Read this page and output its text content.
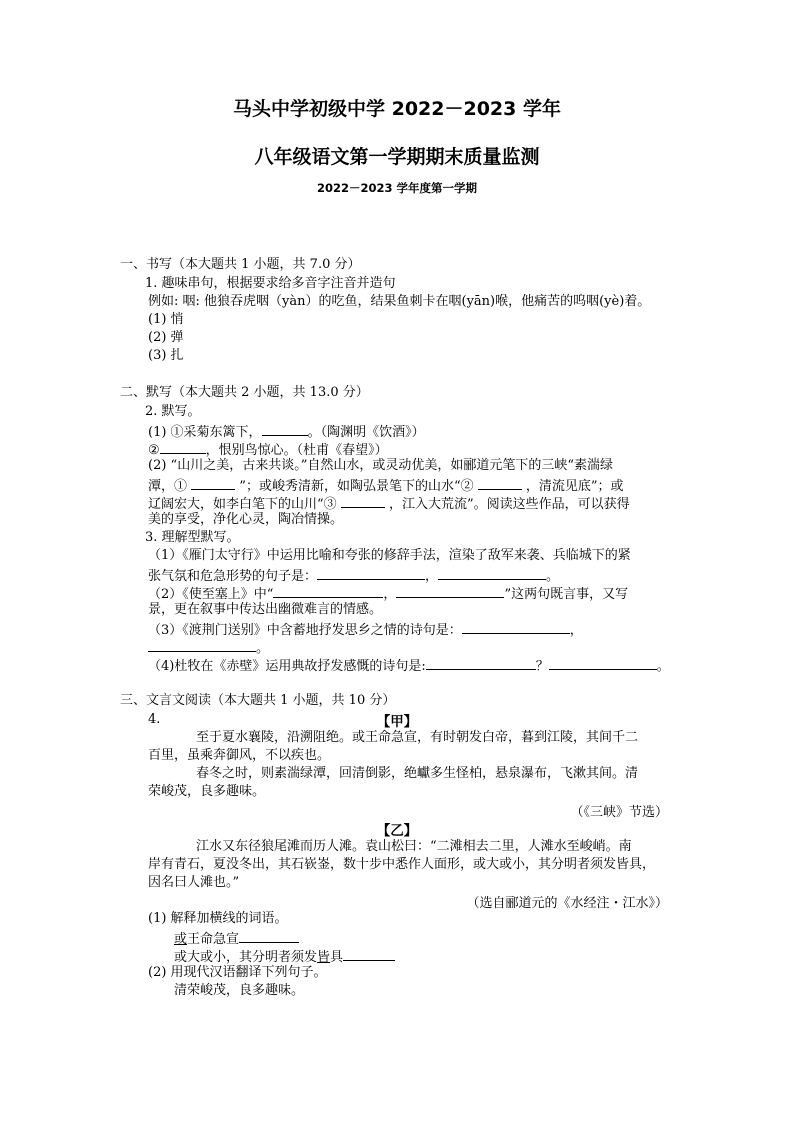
马头中学初级中学 2022－2023 学年
八年级语文第一学期期末质量监测
2022－2023 学年度第一学期
一、书写（本大题共 1 小题，共 7.0 分）
1. 趣味串句，根据要求给多音字注音并造句
例如: 咽: 他狼吞虎咽（yàn）的吃鱼，结果鱼刺卡在咽(yān)喉，他痛苦的呜咽(yè)着。
(1) 悄
(2) 弹
(3) 扎
二、默写（本大题共 2 小题，共 13.0 分）
2. 默写。
(1) ①采菊东篱下，	。（陶渊明《饮酒》）
②	，恨别鸟惊心。（杜甫《春望》）
(2) “山川之美，古来共谈。”自然山水，或灵动优美，如郦道元笔下的三峡“素湍绿
潭，①	”；或峻秀清新，如陶弘景笔下的山水“②	，清流见底”；或
辽阔宏大，如李白笔下的山川“③	，江入大荒流”。阅读这些作品，可以获得
美的享受，净化心灵，陶冶情操。
3. 理解型默写。
（1）《雁门太守行》中运用比喻和夸张的修辞手法，渲染了敌军来袭、兵临城下的紧
张气氛和危急形势的句子是：	，	。
（2）《使至塞上》中“	，	”这两句既言事，又写
景，更在叙事中传达出幽微难言的情感。
（3）《渡荆门送别》中含蓄地抒发思乡之情的诗句是：	，
。
（4)杜牧在《赤壁》运用典故抒发感慨的诗句是:	？	。
三、文言文阅读（本大题共 1 小题，共 10 分）
4.	【甲】
至于夏水襄陵，沿溯阻绝。或王命急宣，有时朝发白帝，暮到江陵，其间千二
百里，虽乘奔御风，不以疾也。
春冬之时，则素湍绿潭，回清倒影，绝巘多生怪柏，悬泉瀑布，飞漱其间。清
荣峻茂，良多趣味。
（《三峡》节选）
【乙】
江水又东径狼尾滩而历人滩。袁山松曰：“二滩相去二里，人滩水至峻峭。南
岸有青石，夏没冬出，其石嵚崟，数十步中悉作人面形，或大或小，其分明者须发皆具，
因名曰人滩也。”
（选自郦道元的《水经注・江水》）
(1) 解释加横线的词语。
或王命急宣
或大或小，其分明者须发皆具
(2) 用现代汉语翻译下列句子。
清荣峻茂，良多趣味。
